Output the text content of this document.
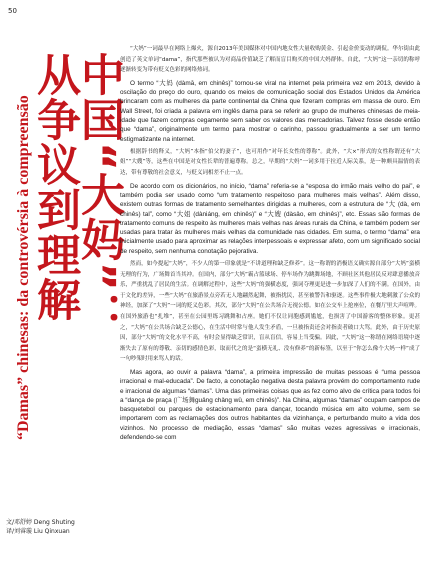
50
“Damas” chinesas: da controvérsia à compreensão 中国“大妈”：从争议到理解
文/邓舒婷 Deng Shuting
译/刘睿璇 Liu Qinxuan

“大妈”一词最早在网络上爆火，源自2013年美国媒体对中国内地女性大量收购黄金、引起金价变动的调侃。华尔街由此创造了英文单词“dama”，指代那些被认为对商品价值缺乏了解而盲目购买的中国大妈群体。自此，“大妈”这一亲切的称呼逐渐转变为带有贬义色彩的网络热词。

O termo “大妈 (dàmā, em chinês)” tornou-se viral na internet pela primeira vez em 2013, devido à oscilação do preço do ouro, quando os meios de comunicação social dos Estados Unidos da América brincaram com as mulheres da parte continental da China que fizeram compras em massa de ouro. Em Wall Street, foi criada a palavra em inglês dama para se referir ao grupo de mulheres chinesas de meia-idade que fazem compras cegamente sem saber os valores das mercadorias. Talvez fosse desde então que “dama”, originalmente um termo para mostrar o carinho, passou gradualmente a ser um termo estigmatizante na internet.

根据辞书的释义，“大妈”本指“伯父的妻子”，也可用作“对年长女性的尊称”。此外，“大×”形式的女性称谓还有“大姐”“大嫂”等，这些在中国是对女性长辈的普遍尊称。总之，早期的“大妈”一词多用于拉近人际关系，是一种颇具温情的表达，带有尊敬的社会意义，与贬义词相差不止一点。

De acordo com os dicionários, no início, “dama” referia-se a “esposa do irmão mais velho do pai”, e também podia ser usado como “um tratamento respeitoso para mulheres mais velhas”. Além disso, existem outras formas de tratamento semelhantes dirigidas a mulheres, com a estrutura de “大 (dà, em chinês) tal”, como “大姐 (dàniáng, em chinês)” e “大嫂 (dàsǎo, em chinês)”, etc. Essas são formas de tratamento comuns de respeito às mulheres mais velhas nas áreas rurais da China, e também podem ser usadas para tratar às mulheres mais velhas da comunidade nas cidades. Em suma, o termo “dama” era inicialmente usado para aproximar as relações interpessoais e expressar afeto, com um significado social de respeito, sem nenhuma conotação pejorativa.

然而，如今提起“大妈”，不少人的第一印象就是“不讲道理和缺乏修养”。这一称谓的消极语义确实源自部分“大妈”蛮横无理的行为，广场舞首当其冲。在国内，部分“大妈”霸占篮球场、停车场作为跳舞场地，不顾社区其他居民反对肆意播放音乐，严重扰乱了居民的生活。在调解过程中，这些“大妈”的强横态度，强词夺理更是进一步加深了人们的不满。在国外，由于文化的差异，一些“大妈”在旅游景点旁若无人地翩然起舞，被指扰民，甚至被警告和驱逐。这些事件极大地刺激了公众的神经，加深了“大妈”一词的贬义色彩。其次，部分“大妈”在公共场合无视公德。如在公交车上抢座位，在餐厅里大声喧哗。在国外旅游也“扎堆”，甚至在公园里练习跳舞和占座。她们不仅让同胞感到尴尬，也损害了中国游客的整体形象。更甚之，“大妈”在公共场合缺乏公德心，在生活中时常与他人发生矛盾，一旦被指责还会对指责者破口大骂。此外，由于历史原因，部分“大妈”的文化水平不高，有时会显得缺乏常识，盲从盲信，容易上当受骗。因此，“大妈”这一称谓在网络语境中逐渐失去了原有的尊敬、亲切的感情色彩，取而代之的是“蛮横无礼、没有修养”的新标签，以至于“你怎么像个大妈一样”成了一句吵架时用来骂人的话。

Mas agora, ao ouvir a palavra “dama”, a primeira impressão de muitas pessoas é “uma pessoa irracional e mal-educada”. De facto, a conotação negativa desta palavra provém do comportamento rude e irracional de algumas “damas”. Uma das primeiras coisas que as fez como alvo de crítica para todos foi a “dança de praça (广场舞guǎng chǎng wǔ, em chinês)”. Na China, algumas “damas” ocupam campos de basquetebol ou parques de estacionamento para dançar, tocando música em alto volume, sem se importarem com as reclamações dos outros habitantes da vizinhança, e perturbando muito a vida dos vizinhos. No processo de mediação, essas “damas” são muitas vezes agressivas e irracionais, defendendo-se com
